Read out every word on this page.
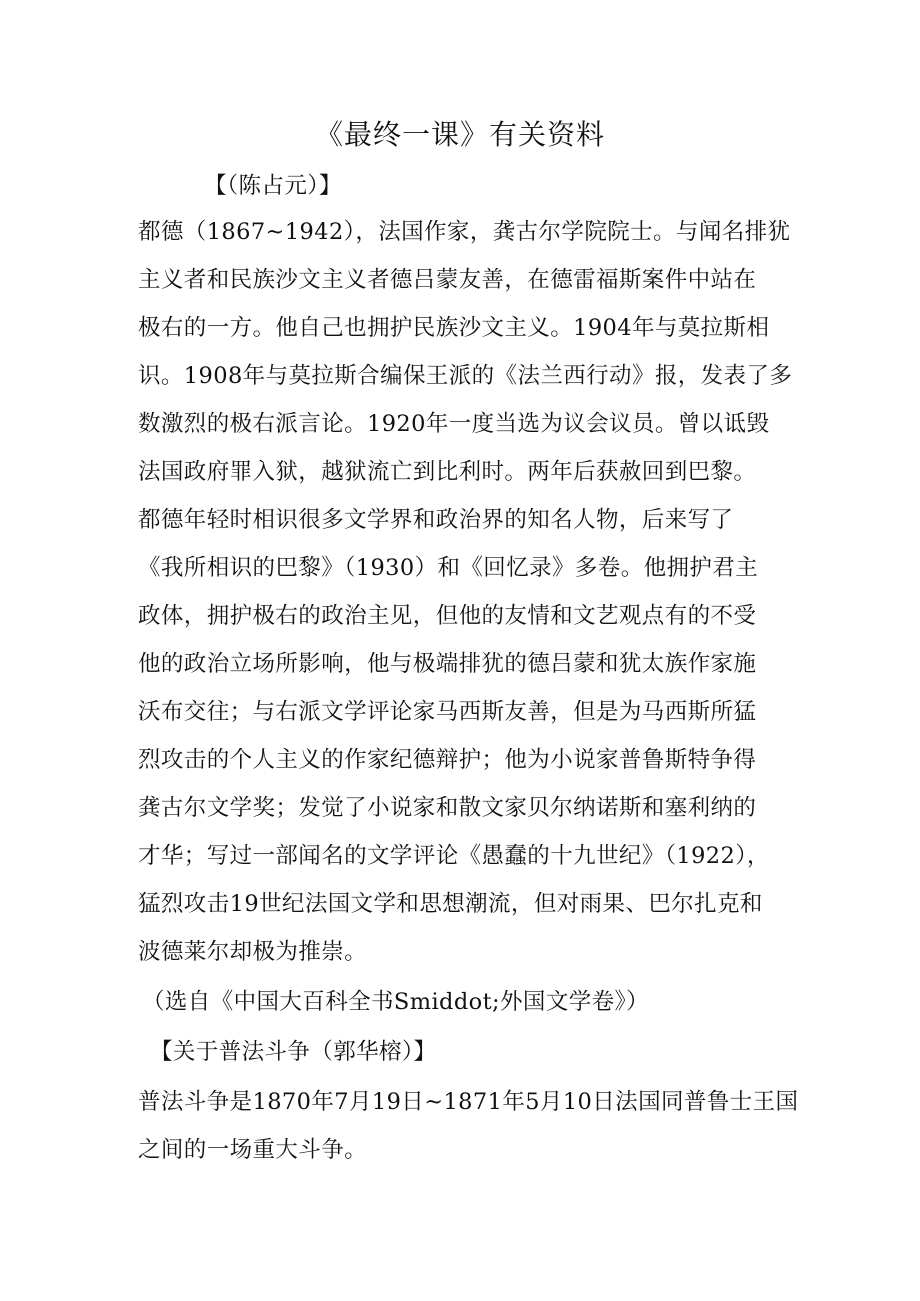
《最终一课》有关资料

【（陈占元）】

都德（1867~1942），法国作家，龚古尔学院院士。与闻名排犹

主义者和民族沙文主义者德吕蒙友善，在德雷福斯案件中站在

极右的一方。他自己也拥护民族沙文主义。1904年与莫拉斯相

识。1908年与莫拉斯合编保王派的《法兰西行动》报，发表了多

数激烈的极右派言论。1920年一度当选为议会议员。曾以诋毁

法国政府罪入狱，越狱流亡到比利时。两年后获赦回到巴黎。

都德年轻时相识很多文学界和政治界的知名人物，后来写了

《我所相识的巴黎》（1930）和《回忆录》多卷。他拥护君主

政体，拥护极右的政治主见，但他的友情和文艺观点有的不受

他的政治立场所影响，他与极端排犹的德吕蒙和犹太族作家施

沃布交往；与右派文学评论家马西斯友善，但是为马西斯所猛

烈攻击的个人主义的作家纪德辩护；他为小说家普鲁斯特争得

龚古尔文学奖；发觉了小说家和散文家贝尔纳诺斯和塞利纳的

才华；写过一部闻名的文学评论《愚蠢的十九世纪》（1922），

猛烈攻击19世纪法国文学和思想潮流，但对雨果、巴尔扎克和

波德莱尔却极为推崇。

（选自《中国大百科全书Smiddot;外国文学卷》）

【关于普法斗争（郭华榕）】

普法斗争是1870年7月19日~1871年5月10日法国同普鲁士王国

之间的一场重大斗争。
